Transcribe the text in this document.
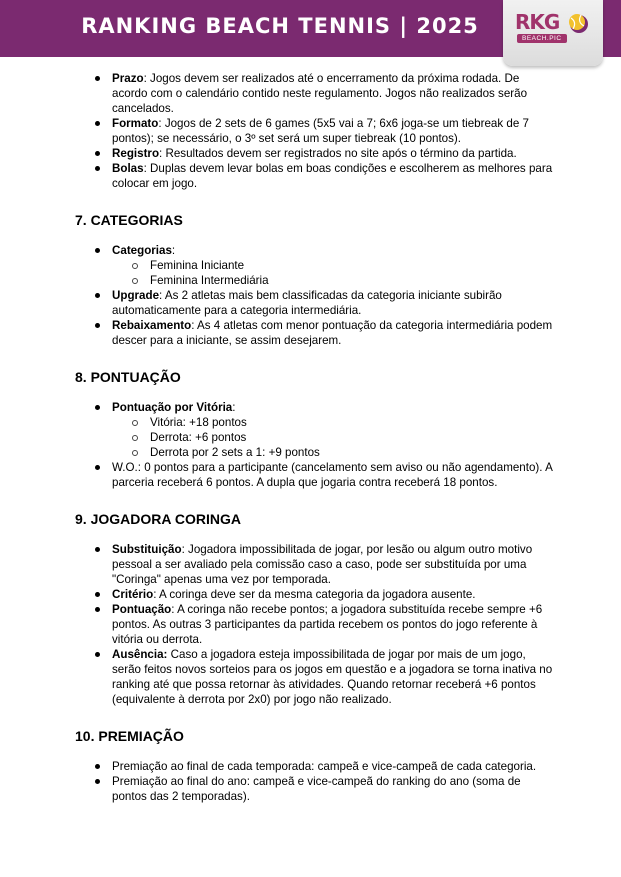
RANKING BEACH TENNIS | 2025	RKG
BEACH.PIC
Prazo: Jogos devem ser realizados até o encerramento da próxima rodada. De acordo com o calendário contido neste regulamento. Jogos não realizados serão cancelados.
Formato: Jogos de 2 sets de 6 games (5x5 vai a 7; 6x6 joga-se um tiebreak de 7 pontos); se necessário, o 3º set será um super tiebreak (10 pontos).
Registro: Resultados devem ser registrados no site após o término da partida.
Bolas: Duplas devem levar bolas em boas condições e escolherem as melhores para colocar em jogo.
7. CATEGORIAS
Categorias:
Feminina Iniciante
Feminina Intermediária
Upgrade: As 2 atletas mais bem classificadas da categoria iniciante subirão automaticamente para a categoria intermediária.
Rebaixamento: As 4 atletas com menor pontuação da categoria intermediária podem descer para a iniciante, se assim desejarem.
8. PONTUAÇÃO
Pontuação por Vitória:
Vitória: +18 pontos
Derrota: +6 pontos
Derrota por 2 sets a 1: +9 pontos
W.O.: 0 pontos para a participante (cancelamento sem aviso ou não agendamento). A parceria receberá 6 pontos. A dupla que jogaria contra receberá 18 pontos.
9. JOGADORA CORINGA
Substituição: Jogadora impossibilitada de jogar, por lesão ou algum outro motivo pessoal a ser avaliado pela comissão caso a caso, pode ser substituída por uma "Coringa" apenas uma vez por temporada.
Critério: A coringa deve ser da mesma categoria da jogadora ausente.
Pontuação: A coringa não recebe pontos; a jogadora substituída recebe sempre +6 pontos. As outras 3 participantes da partida recebem os pontos do jogo referente à vitória ou derrota.
Ausência: Caso a jogadora esteja impossibilitada de jogar por mais de um jogo, serão feitos novos sorteios para os jogos em questão e a jogadora se torna inativa no ranking até que possa retornar às atividades. Quando retornar receberá +6 pontos (equivalente à derrota por 2x0) por jogo não realizado.
10. PREMIAÇÃO
Premiação ao final de cada temporada: campeã e vice-campeã de cada categoria.
Premiação ao final do ano: campeã e vice-campeã do ranking do ano (soma de pontos das 2 temporadas).
